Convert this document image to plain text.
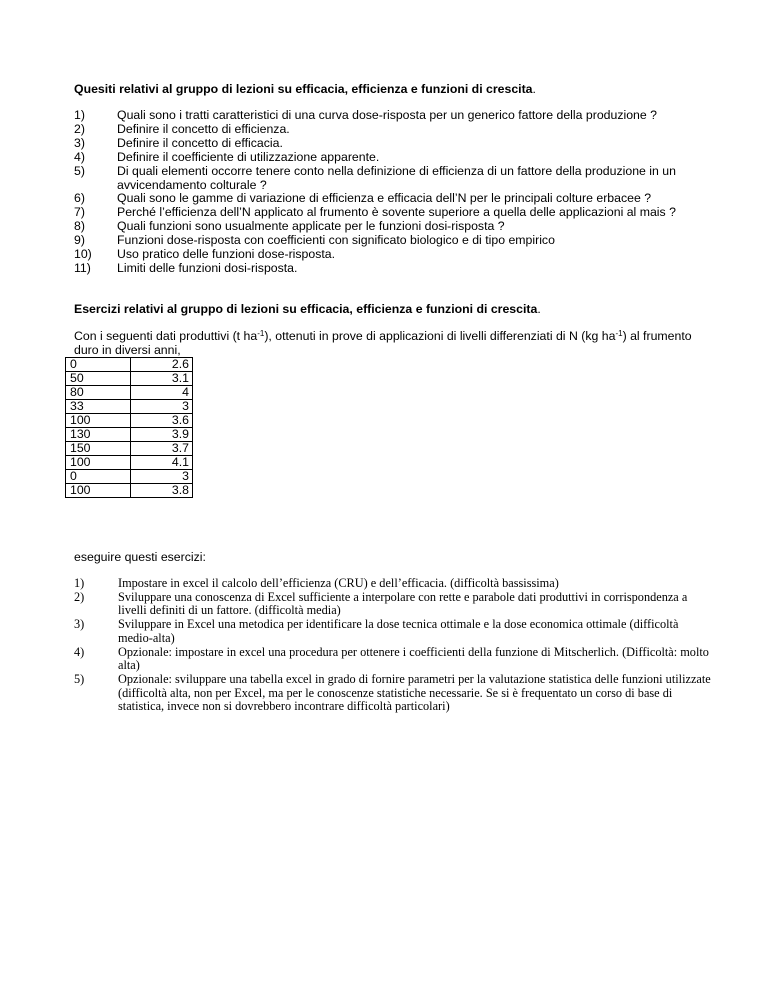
Quesiti relativi al gruppo di lezioni su efficacia, efficienza e funzioni di crescita.
1)	Quali sono i tratti caratteristici di una curva dose-risposta per un generico fattore della produzione ?
2)	Definire il concetto di efficienza.
3)	Definire il concetto di efficacia.
4)	Definire il coefficiente di utilizzazione apparente.
5)	Di quali elementi occorre tenere conto nella definizione di efficienza di un fattore della produzione in un avvicendamento colturale ?
6)	Quali sono le gamme di variazione di efficienza e efficacia dell’N per le principali colture erbacee ?
7)	Perché l’efficienza dell’N applicato al frumento è sovente superiore a quella delle applicazioni al mais ?
8)	Quali funzioni sono usualmente applicate per le funzioni dosi-risposta ?
9)	Funzioni dose-risposta con coefficienti con significato biologico e di tipo empirico
10)	Uso pratico delle funzioni dose-risposta.
11)	Limiti delle funzioni dosi-risposta.
Esercizi relativi al gruppo di lezioni su efficacia, efficienza e funzioni di crescita.
Con i seguenti dati produttivi (t $ha^{-1}$), ottenuti in prove di applicazioni di livelli differenziati di N (kg $ha^{-1}$) al frumento duro in diversi anni,
0	2.6
50	3.1
80	4
33	3
100	3.6
130	3.9
150	3.7
100	4.1
0	3
100	3.8
eseguire questi esercizi:
1)	Impostare in excel il calcolo dell’efficienza (CRU) e dell’efficacia. (difficoltà bassissima)
2)	Sviluppare una conoscenza di Excel sufficiente a interpolare con rette e parabole dati produttivi in corrispondenza a livelli definiti di un fattore. (difficoltà media)
3)	Sviluppare in Excel una metodica per identificare la dose tecnica ottimale e la dose economica ottimale (difficoltà medio-alta)
4)	Opzionale: impostare in excel una procedura per ottenere i coefficienti della funzione di Mitscherlich. (Difficoltà: molto alta)
5)	Opzionale: sviluppare una tabella excel in grado di fornire parametri per la valutazione statistica delle funzioni utilizzate (difficoltà alta, non per Excel, ma per le conoscenze statistiche necessarie. Se si è frequentato un corso di base di statistica, invece non si dovrebbero incontrare difficoltà particolari)
